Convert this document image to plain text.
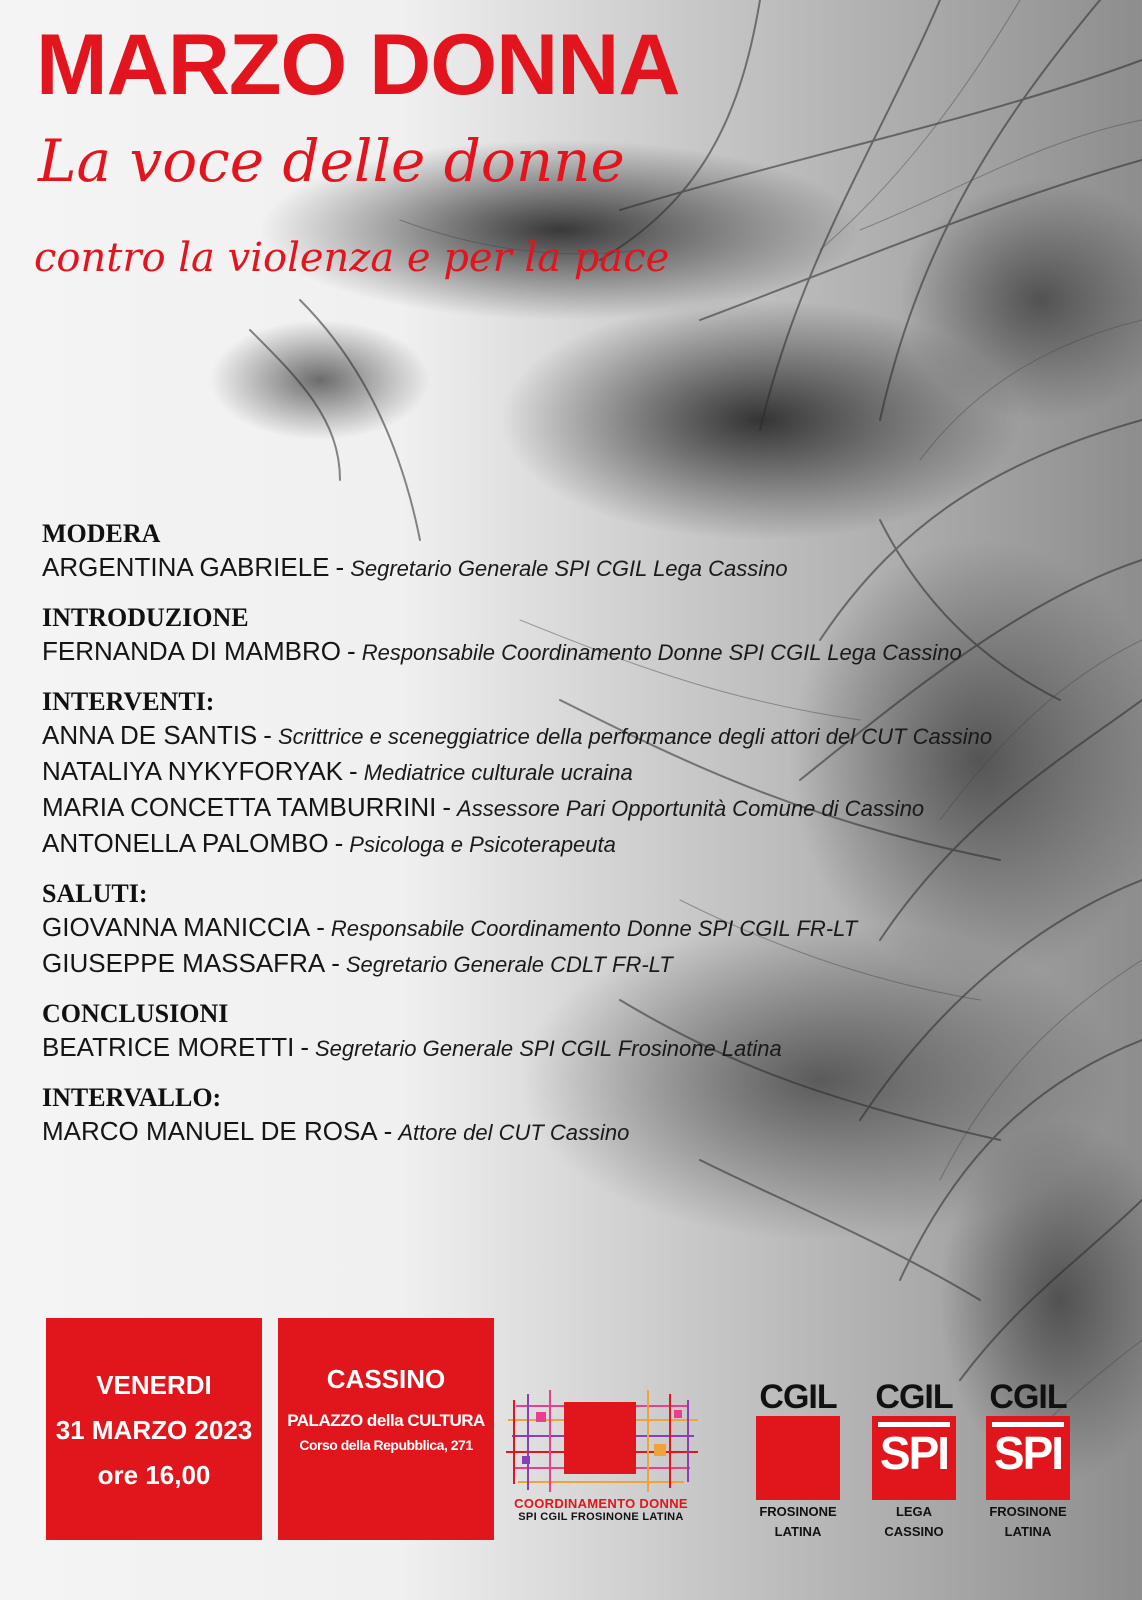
MARZO DONNA
La voce delle donne
contro la violenza e per la pace
MODERA
ARGENTINA GABRIELE - Segretario Generale SPI CGIL Lega Cassino
INTRODUZIONE
FERNANDA DI MAMBRO - Responsabile Coordinamento Donne SPI CGIL Lega Cassino
INTERVENTI:
ANNA DE SANTIS - Scrittrice e sceneggiatrice della performance degli attori del CUT Cassino
NATALIYA NYKYFORYAK - Mediatrice culturale ucraina
MARIA CONCETTA TAMBURRINI - Assessore Pari Opportunità Comune di Cassino
ANTONELLA PALOMBO - Psicologa e Psicoterapeuta
SALUTI:
GIOVANNA MANICCIA - Responsabile Coordinamento Donne SPI CGIL FR-LT
GIUSEPPE MASSAFRA - Segretario Generale CDLT FR-LT
CONCLUSIONI
BEATRICE MORETTI - Segretario Generale SPI CGIL Frosinone Latina
INTERVALLO:
MARCO MANUEL DE ROSA - Attore del CUT Cassino
VENERDI
31 MARZO 2023
ore 16,00
CASSINO
PALAZZO della CULTURA
Corso della Repubblica, 271
COORDINAMENTO DONNE
SPI CGIL FROSINONE LATINA
CGIL
FROSINONE
LATINA
CGIL
SPI
LEGA
CASSINO
CGIL
SPI
FROSINONE
LATINA
